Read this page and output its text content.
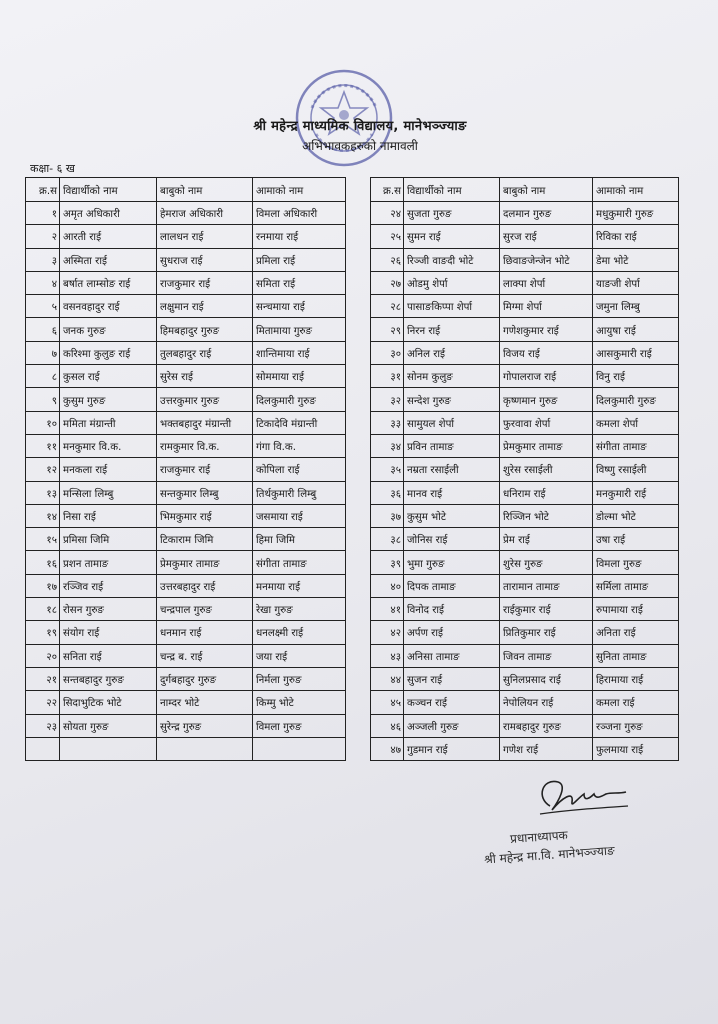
श्री महेन्द्र माध्यमिक विद्यालय, मानेभञ्ज्याङ
अभिभावकहरुको नामावली
कक्षा- ६ ख
क्र.स	विद्यार्थीको नाम	बाबुको नाम	आमाको नाम
१	अमृत अधिकारी	हेमराज अधिकारी	विमला अधिकारी
२	आरती राई	लालधन राई	रनमाया राई
३	अस्मिता राई	सुधराज राई	प्रमिला राई
४	बर्षात लाम्सोङ राई	राजकुमार राई	समिता राई
५	वसनवहादुर राई	लक्षुमान राई	सन्चमाया राई
६	जनक गुरुङ	हिमबहादुर गुरुङ	मितामाया गुरुङ
७	करिश्मा कुलुङ राई	तुलबहादुर राई	शान्तिमाया राई
८	कुसल राई	सुरेस राई	सोममाया राई
९	कुसुम गुरुङ	उत्तरकुमार गुरुङ	दिलकुमारी गुरुङ
१०	ममिता मंग्रान्ती	भक्तबहादुर मंग्रान्ती	टिकादेवि मंग्रान्ती
११	मनकुमार वि.क.	रामकुमार वि.क.	गंगा वि.क.
१२	मनकला राई	राजकुमार राई	कोपिला राई
१३	मन्सिला लिम्बु	सन्तकुमार लिम्बु	तिर्थकुमारी लिम्बु
१४	निसा राई	भिमकुमार राई	जसमाया राई
१५	प्रमिसा जिमि	टिकाराम जिमि	हिमा जिमि
१६	प्रशन तामाङ	प्रेमकुमार तामाङ	संगीता तामाङ
१७	रञ्जिव राई	उत्तरबहादुर राई	मनमाया राई
१८	रोसन गुरुङ	चन्द्रपाल गुरुङ	रेखा गुरुङ
१९	संयोग राई	धनमान राई	धनलक्ष्मी राई
२०	सनिता राई	चन्द्र ब. राई	जया राई
२१	सन्तबहादुर गुरुङ	दुर्गबहादुर गुरुङ	निर्मला गुरुङ
२२	सिदाभुटिक भोटे	नाम्दर भोटे	किम्मु भोटे
२३	सोयता गुरुङ	सुरेन्द्र गुरुङ	विमला गुरुङ

क्र.स	विद्यार्थीको नाम	बाबुको नाम	आमाको नाम
२४	सुजता गुरुङ	दलमान गुरुङ	मधुकुमारी गुरुङ
२५	सुमन राई	सुरज राई	रिविका राई
२६	रिञ्जी वाङदी भोटे	छिवाङजेन्जेन भोटे	डेमा भोटे
२७	ओडमु शेर्पा	लाक्पा शेर्पा	याङजी शेर्पा
२८	पासाङकिप्पा शेर्पा	मिग्मा शेर्पा	जमुना लिम्बु
२९	निरन राई	गणेशकुमार राई	आयुषा राई
३०	अनिल राई	विजय राई	आसकुमारी राई
३१	सोनम कुलुङ	गोपालराज राई	विनु राई
३२	सन्देश गुरुङ	कृष्णमान गुरुङ	दिलकुमारी गुरुङ
३३	सामुयल शेर्पा	फुरवावा शेर्पा	कमला शेर्पा
३४	प्रविन तामाङ	प्रेमकुमार तामाङ	संगीता तामाङ
३५	नम्रता रसाईली	शुरेस रसाईली	विष्णु रसाईली
३६	मानव राई	धनिराम राई	मनकुमारी राई
३७	कुसुम भोटे	रिञ्जिन भोटे	डोल्मा भोटे
३८	जोनिस राई	प्रेम राई	उषा राई
३९	भुमा गुरुङ	शुरेस गुरुङ	विमला गुरुङ
४०	दिपक तामाङ	तारामान तामाङ	सर्मिला तामाङ
४१	विनोद राई	राईकुमार राई	रुपामाया राई
४२	अर्पण राई	प्रितिकुमार राई	अनिता राई
४३	अनिसा तामाङ	जिवन तामाङ	सुनिता तामाङ
४४	सुजन राई	सुनिलप्रसाद राई	हिरामाया राई
४५	कञ्चन राई	नेपोलियन राई	कमला राई
४६	अञ्जली गुरुङ	रामबहादुर गुरुङ	रञ्जना गुरुङ
४७	गुडमान राई	गणेश राई	फुलमाया राई
प्रधानाध्यापक
श्री महेन्द्र मा.वि. मानेभञ्ज्याङ
